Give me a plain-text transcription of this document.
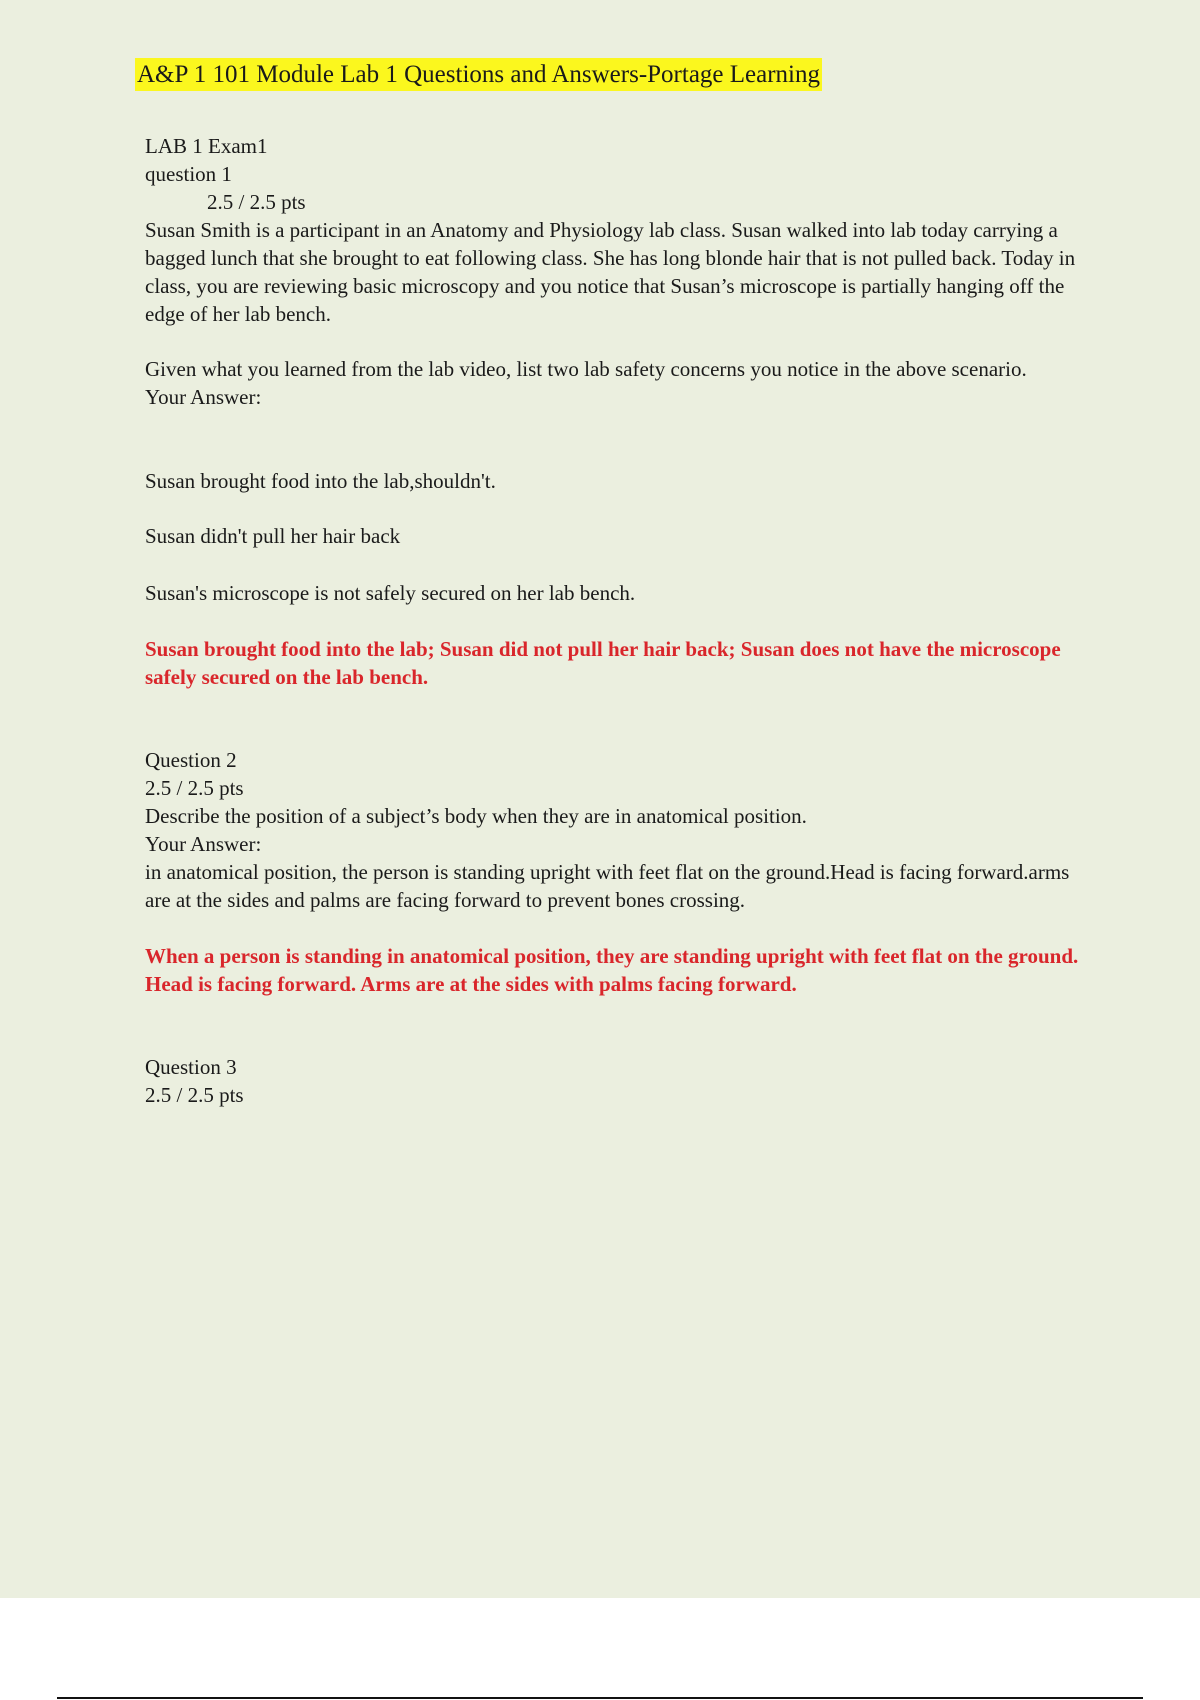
A&P 1 101 Module Lab 1 Questions and Answers-Portage Learning

LAB 1 Exam1

question 1

2.5 / 2.5 pts

Susan Smith is a participant in an Anatomy and Physiology lab class. Susan walked into lab today carrying a bagged lunch that she brought to eat following class. She has long blonde hair that is not pulled back. Today in class, you are reviewing basic microscopy and you notice that Susan’s microscope is partially hanging off the edge of her lab bench.

Given what you learned from the lab video, list two lab safety concerns you notice in the above scenario.

Your Answer:

Susan brought food into the lab,shouldn't.
Susan didn't pull her hair back
Susan's microscope is not safely secured on her lab bench.
Susan brought food into the lab; Susan did not pull her hair back; Susan does not have the microscope safely secured on the lab bench.

Question 2

2.5 / 2.5 pts

Describe the position of a subject’s body when they are in anatomical position.

Your Answer:

in anatomical position, the person is standing upright with feet flat on the ground.Head is facing forward.arms are at the sides and palms are facing forward to prevent bones crossing.

When a person is standing in anatomical position, they are standing upright with feet flat on the ground. Head is facing forward. Arms are at the sides with palms facing forward.

Question 3

2.5 / 2.5 pts
